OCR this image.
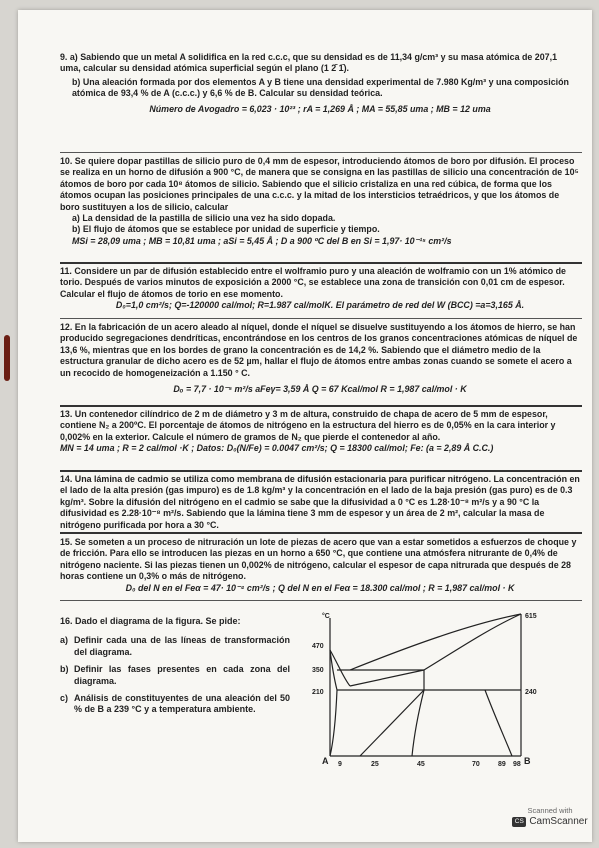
9. a) Sabiendo que un metal A solidifica en la red c.c.c, que su densidad es de 11,34 g/cm³ y su masa atómica de 207,1 uma, calcular su densidad atómica superficial según el plano (1 2̄ 1̄).

b) Una aleación formada por dos elementos A y B tiene una densidad experimental de 7.980 Kg/m³ y una composición atómica de 93,4 % de A (c.c.c.) y 6,6 % de B. Calcular su densidad teórica.

Número de Avogadro = 6,023 · 10²³ ; rA = 1,269 Å ; MA = 55,85 uma ; MB = 12 uma

10. Se quiere dopar pastillas de silicio puro de 0,4 mm de espesor, introduciendo átomos de boro por difusión. El proceso se realiza en un horno de difusión a 900 °C, de manera que se consigna en las pastillas de silicio una concentración de 10⁵ átomos de boro por cada 10⁸ átomos de silicio. Sabiendo que el silicio cristaliza en una red cúbica, de forma que los átomos ocupan las posiciones principales de una c.c.c. y la mitad de los intersticios tetraédricos, y que los átomos de boro sustituyen a los de silicio, calcular

a) La densidad de la pastilla de silicio una vez ha sido dopada.

b) El flujo de átomos que se establece por unidad de superficie y tiempo.

MSi = 28,09 uma ; MB = 10,81 uma ; aSi = 5,45 Å ; D a 900 ºC del B en Si = 1,97· 10⁻¹⁵ cm²/s

11. Considere un par de difusión establecido entre el wolframio puro y una aleación de wolframio con un 1% atómico de torio. Después de varios minutos de exposición a 2000 °C, se establece una zona de transición con 0,01 cm de espesor. Calcular el flujo de átomos de torio en ese momento.

D₀=1,0 cm²/s; Q=-120000 cal/mol; R=1.987 cal/molK. El parámetro de red del W (BCC) =a=3,165 Å.

12. En la fabricación de un acero aleado al níquel, donde el níquel se disuelve sustituyendo a los átomos de hierro, se han producido segregaciones dendríticas, encontrándose en los centros de los granos concentraciones atómicas de níquel de 13,6 %, mientras que en los bordes de grano la concentración es de 14,2 %. Sabiendo que el diámetro medio de la estructura granular de dicho acero es de 52 µm, hallar el flujo de átomos entre ambas zonas cuando se somete el acero a un recocido de homogeneización a 1.150 ° C.

Dₒ = 7,7 · 10⁻⁵ m²/s aFeγ= 3,59 Å Q = 67 Kcal/mol R = 1,987 cal/mol · K

13. Un contenedor cilíndrico de 2 m de diámetro y 3 m de altura, construido de chapa de acero de 5 mm de espesor, contiene N₂ a 200ºC. El porcentaje de átomos de nitrógeno en la estructura del hierro es de 0,05% en la cara interior y 0,002% en la exterior. Calcule el número de gramos de N₂ que pierde el contenedor al año.

MN = 14 uma ; R = 2 cal/mol ·K ; Datos: D₀(N/Fe) = 0.0047 cm²/s; Q = 18300 cal/mol; Fe: (a = 2,89 Å C.C.)

14. Una lámina de cadmio se utiliza como membrana de difusión estacionaria para purificar nitrógeno. La concentración en el lado de la alta presión (gas impuro) es de 1.8 kg/m³ y la concentración en el lado de la baja presión (gas puro) es de 0.3 kg/m³. Sobre la difusión del nitrógeno en el cadmio se sabe que la difusividad a 0 °C es 1.28·10⁻⁸ m²/s y a 90 °C la difusividad es 2.28·10⁻⁸ m²/s. Sabiendo que la lámina tiene 3 mm de espesor y un área de 2 m², calcular la masa de nitrógeno purificada por hora a 30 °C.

15. Se someten a un proceso de nitruración un lote de piezas de acero que van a estar sometidos a esfuerzos de choque y de fricción. Para ello se introducen las piezas en un horno a 650 °C, que contiene una atmósfera nitrurante de 0,4% de nitrógeno naciente. Si las piezas tienen un 0,002% de nitrógeno, calcular el espesor de capa nitrurada que después de 28 horas contiene un 0,3% o más de nitrógeno.

D₀ del N en el Feα = 47· 10⁻⁴ cm²/s ; Q del N en el Feα = 18.300 cal/mol ; R = 1,987 cal/mol · K

16. Dado el diagrama de la figura. Se pide:
a) Definir cada una de las líneas de transformación del diagrama.
b) Definir las fases presentes en cada zona del diagrama.
c) Análisis de constituyentes de una aleación del 50 % de B a 239 °C y a temperatura ambiente.
°C
470
350
210
615
240
A	B
9	25	45	70	89 98
Scanned with
CS CamScanner
